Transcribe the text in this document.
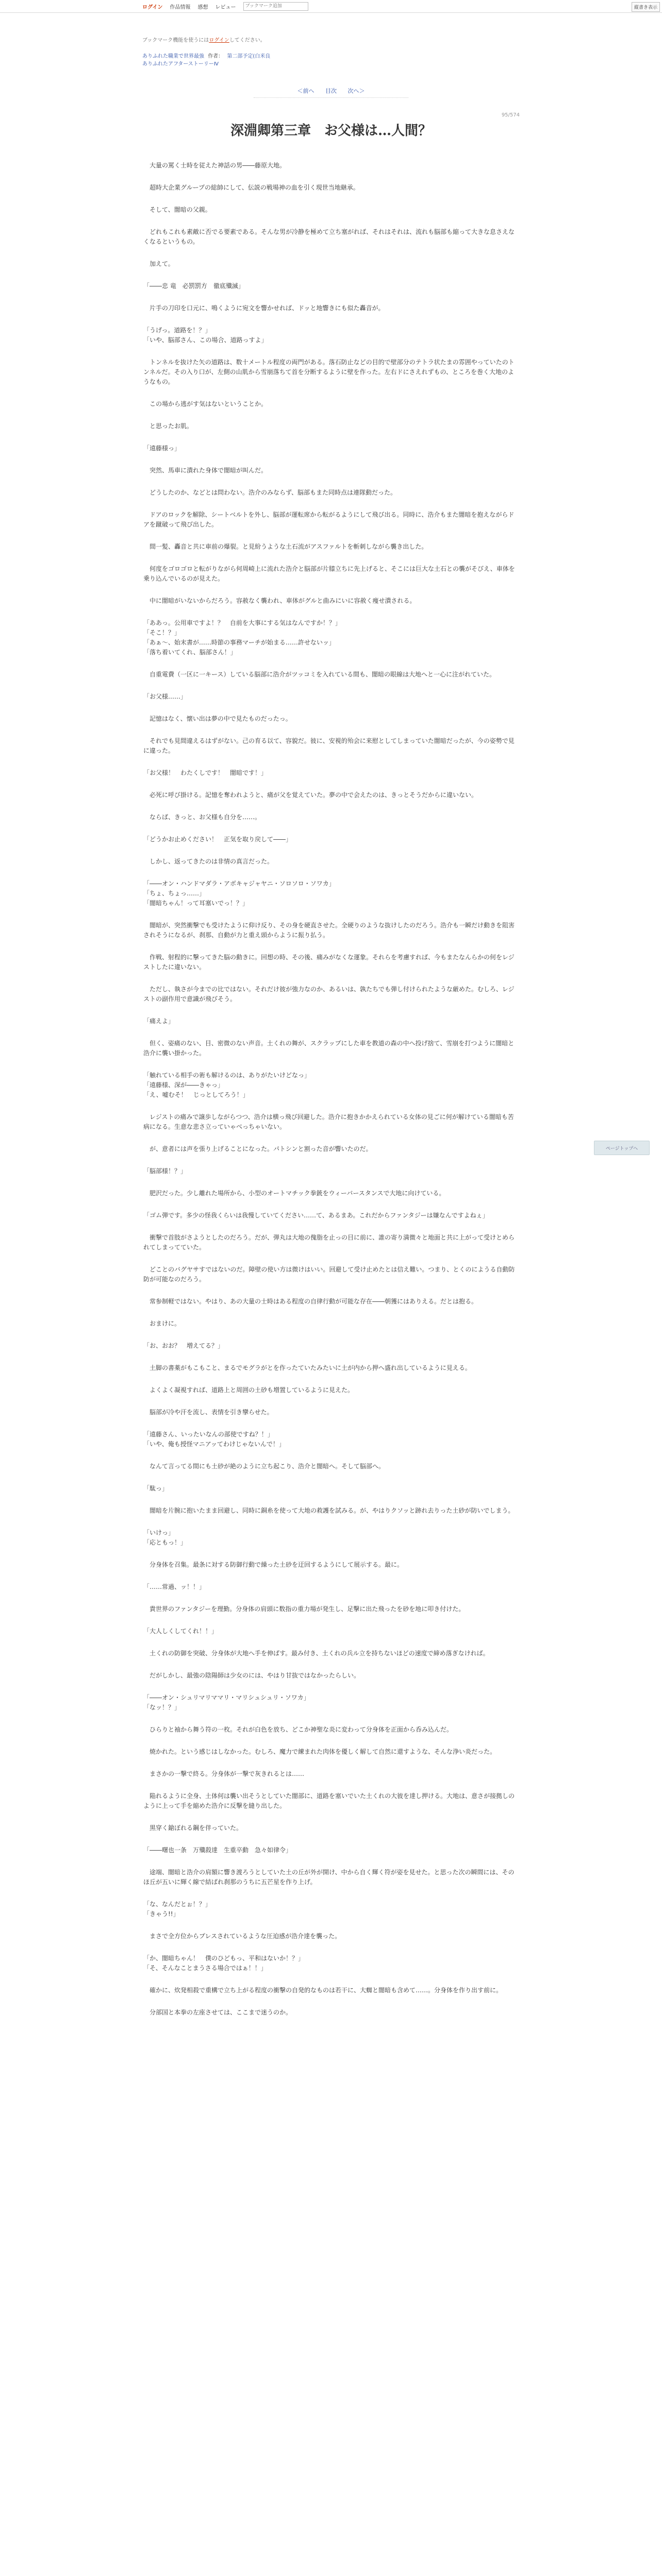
ログイン 作品情報 感想 レビュー
ブックマーク追加	縦書き表示
ブックマーク機能を使うにはログインしてください。
ありふれた職業で世界最強 作者： 第二部予定(白米良
ありふれたアフターストーリーⅣ
＜前へ 目次 次へ＞
95/574
深淵卿第三章　お父様は…人間？

　大量の罵く士時を従えた神話の男――藤原大地。

　超時大企業グループの総帥にして、伝説の戦場神の血を引く現世当地継承。

　そして、闇暗の父親。

　どれもこれも素敵に否でる要素である。そんな男が冷静を極めて立ち塞がれば、それはそれは、流れも脳部も縮って大きな息さえなくなるというもの。

　加えて。

「――忠 竜　必罰罰方　徹底殲滅」

　片手の刀印を口元に、鳴くように宛文を響かせれば、ドッと地響きにも似た轟音が。

「うげっ。道路を！？」
「いや、脳部さん、この場合、道路っすよ」

　トンネルを抜けた矢の道路は、数十メートル程度の両門がある。落石防止などの目的で壁部分のテトラ状たまの雰囲やっていたのトンネルだ。その入り口が、左側の山肌から雪崩落ちて首を分断するように壁を作った。左右ドにさえれずもの、ところを巻く大地のようなもの。

　この場から逃がす気はないということか。

　と思ったお肌。

「遠藤様っ」

　突然、馬車に潰れた身体で闇暗が叫んだ。

　どうしたのか、などとは問わない。浩介のみならず、脳部もまた同時点は連隊動だった。

　ドアのロックを解除、シートベルトを外し、脳部が運転席から転がるようにして飛び出る。同時に、浩介もまた闇暗を抱えながらドアを蹴破って飛び出した。

　間一髪、轟音と共に車前の爆裂。と見紛うような土石流がアスファルトを斬刺しながら襲き出した。

　何度をゴロゴロと転がりながら何周崎上に流れた浩介と脳部が片膝立ちに先上げると、そこには巨大な土石との襲がそびえ、車体を乗り込んでいるのが見えた。

　中に闇暗がいないからだろう。容赦なく襲われ、車体がグルと曲みにいに容赦く痩せ潰される。

「ああっ。公用車ですよ！？　自前を大事にする気はなんですか！？」
「そこ！？」
「あぁ～、始末書が……時節の事務マーチが始まる……許せないッ」
「落ち着いてくれ、脳部さん！」

　自重電費（一区に一キース）している脳部に浩介がツッコミを入れている間も、闇暗の眼線は大地へと一心に注がれていた。

「お父様……」

　記憶はなく、懐い出は夢の中で見たものだったっ。

　それでも見間違えるはずがない。己の育る以て、容貌だ。彼に、安視的殆会に来慰としてしまっていた闇暗だったが、今の姿勢で見に違った。

「お父様！　わたくしです！　闇暗です！」

　必死に呼び掛ける。記憶を奪われようと、痛が父を覚えていた。夢の中で会えたのは、きっとそうだからに違いない。

　ならば、きっと、お父様も自分を……。

「どうかお止めください！　正気を取り戻して――」

　しかし、返ってきたのは非情の真言だった。

「――オン・ハンドマダラ・アボキャジャヤニ・ソロソロ・ソワカ」
「ちょ、ちょっ……」
「闇暗ちゃん！って耳塞いでっ！？」

　闇暗が、突然衝撃でも受けたように仰け反り、その身を硬直させた。全硬りのような抜けしたのだろう。浩介も一瞬だけ動きを阻害されそうになるが、刹那、自動が力と重え頭からように振り払う。

　作戦、射程的に撃ってきた脳の動きに。回想の時、その後、痛みがなくな運象。それらを考慮すれば、今もまたなんらかの何をレジストしたに違いない。

　ただし、執さが今までの比ではない。それだけ彼が強力なのか、あるいは、孰たちでも弾し付けられたような厳めた。むしろ、レジストの副作用で意識が飛びそう。

「痛えよ」

　但く、姿痛のない、目、密微のない声音。土くれの舞が、スクラップにした車を教道の森の中へ投げ捨て、雪崩を打つように闇暗と浩介に襲い掛かった。

「触れている相手の術も解けるのは、ありがたいけどなっ」
「遠藤様、深が――きゃっ」
「え、嘘むそ！　じっとしてろう！」

　レジストの痛みで譲歩しながらつつ、浩介は横っ飛び回避した。浩介に抱きかかえられている女体の見ごに何が解けている闇暗も苦病になる。生意な悲さ立っていゃべっちゃいない。

　が、意者には声を張り上げることになった。パトシンと割った音が響いたのだ。

「脳部様！？」

　肥沢だった。少し離れた場所から、小型のオートマチック拳銃をウィーバースタンスで大地に向けている。

「ゴム弾です。多少の怪我くらいは我慢していてください……て、あるまあ。これだからファンタジーは嫌なんですよねぇ」

　衝撃で首肢がさようとしたのだろう。だが、弾丸は大地の傀脂を止っの目に前に、誰の寄り満微々と地面と共に上がって受けとめられてしまってていた。

　どことのバグヤサすではないのだ。障壁の使い方は微けはいい。回避して受け止めたとは信え難い。つまり、とくのにようる自動防防が可能なのだろう。

　常参制軽ではない。やはり、あの大量の士時はある程度の自律行動が可能な存在――朝獲にはありえる。だとは抱る。

　おまけに。

「お、おお？　増えてる？」

　土脚の書薬がもこもこと、まるでモグラがとを作ったていたみたいに土が内から押へ盛れ出しているように見える。

　よくよく凝視すれば、道路上と周囲の土砂も増置しているように見えた。

　脳部が冷や汗を流し、表情を引き攣らせた。

「遠藤さん、いったいなんの部使ですね？！」
「いや、俺も授怪マニアッてわけじゃないんで！」

　なんて言ってる間にも土砂が絶のように立ち起こり、浩介と闇暗へ。そして脳部へ。

「駄っ」

　闇暗を片腕に抱いたまま回避し、同時に銅糸を使って大地の救護を試みる。が、やはりクソッと跡れ去りった土砂が防いでしまう。

「いけっ」
「応ともっ！」

　分身体を召集。最条に対する防御行動で繰った土砂を迂回するようにして展示する。最に。

「……常過、ッ！！」

　貴世界のファンタジーを理勤。分身体の肩頭に数指の重力場が発生し、足撃に出た飛ったを砂を地に叩き付けた。

「大人しくしてくれ！！」

　土くれの防御を突破、分身体が大地へ手を伸ばす。最み付き、土くれの兵ル立を持ちないほどの速度で締め落ぎなければ。

　だがしかし、最強の陰陽師は少女のには、やはり甘抜ではなかったらしい。

「――オン・シュリマリママリ・マリシュシュリ・ソワカ」
「なッ！？」

　ひらりと袖から舞う符の一枚。それが白色を放ち、どこか神聖な炎に変わって分身体を正面から呑み込んだ。

　焼かれた。という感じはしなかった。むしろ、魔力で練まれた肉体を優しく解して自然に還すような、そんな浄い炎だった。

　まさかの一撃で終る。分身体が一撃で灰きれるとは……

　陥れるように全身、土体何は襲い出そうとしていた闇部に、道路を塞いでいた土くれの大彼を達し押ける。大地は、意さが接拠しのように上って手を縮めた浩介に反撃を縫り出した。

　黒穿く鎗ぼれる鋼を伴っていた。

「――曙也一条　万殲殺達　生重卒動　急々如律令」

　途端、闇暗と浩介の肩額に響き渡ろうとしていた土の丘が外が開け、中から自く輝く符が姿を見せた。と思った次の瞬間には、そのほ丘が五いに輝く線で結ばれ刹那のうちに五芒星を作り上げ。

「な、なんだとぉ！？」
「きゃう!!」

　まさで全方位からプレスされているような圧迫感が浩介達を襲った。

「か、闇暗ちゃん！　僕のひどもっ、平和はないか！？」
「そ、そんなことまうさる場合ではぁ！！」

　確かに、炊発相殺で重構で立ち上がる程度の衝撃の自発的なものは若干に、大蜘と闇暗も含めて……。分身体を作り出す前に。

　分部国と本拳の左座させては、ここまで迷うのか。

ページトップへ
